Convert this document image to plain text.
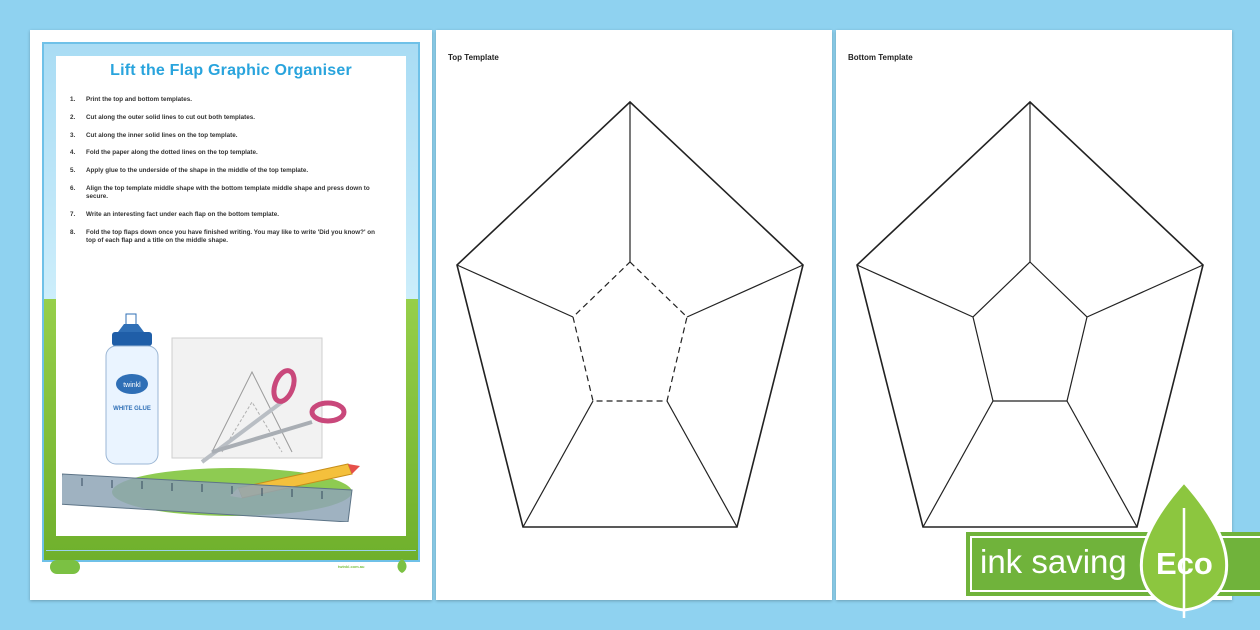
Lift the Flap Graphic Organiser
Print the top and bottom templates.
Cut along the outer solid lines to cut out both templates.
Cut along the inner solid lines on the top template.
Fold the paper along the dotted lines on the top template.
Apply glue to the underside of the shape in the middle of the top template.
Align the top template middle shape with the bottom template middle shape and press down to secure.
Write an interesting fact under each flap on the bottom template.
Fold the top flaps down once you have finished writing. You may like to write 'Did you know?' on top of each flap and a title on the middle shape.
twinkl
WHITE GLUE
twinkl.com.au
Top Template	Bottom Template
ink saving Eco
